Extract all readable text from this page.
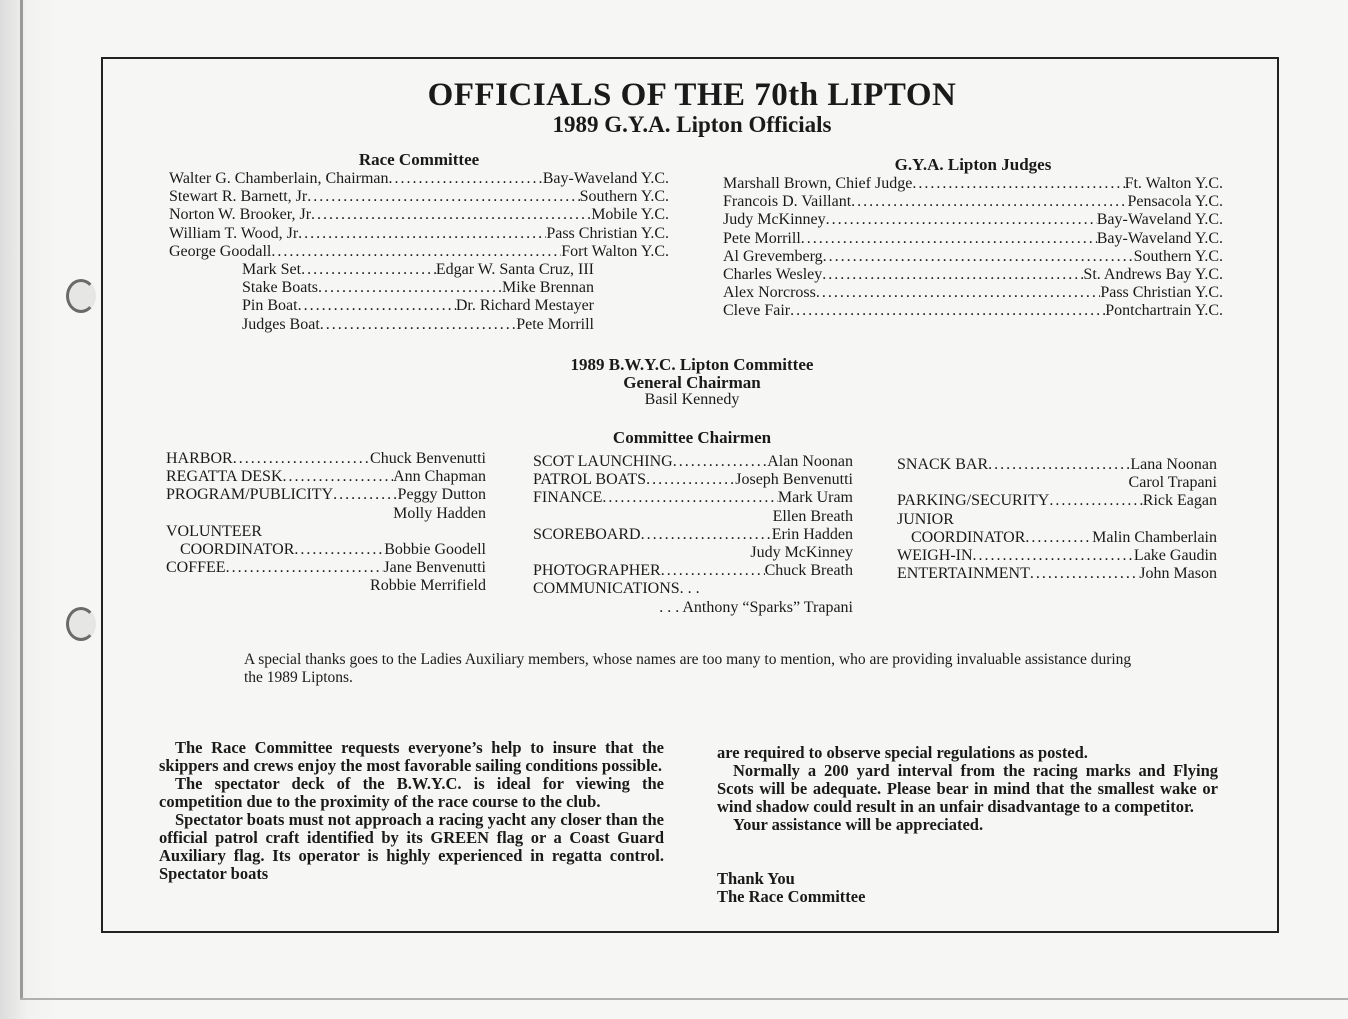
OFFICIALS OF THE 70th LIPTON
1989 G.Y.A. Lipton Officials
Race Committee
Walter G. Chamberlain, Chairman .....	Bay-Waveland Y.C.
Stewart R. Barnett, Jr .....	Southern Y.C.
Norton W. Brooker, Jr .....	Mobile Y.C.
William T. Wood, Jr .....	Pass Christian Y.C.
George Goodall .....	Fort Walton Y.C.
Mark Set .....	Edgar W. Santa Cruz, III
Stake Boats .....	Mike Brennan
Pin Boat .....	Dr. Richard Mestayer
Judges Boat .....	Pete Morrill
G.Y.A. Lipton Judges
Marshall Brown, Chief Judge .....	Ft. Walton Y.C.
Francois D. Vaillant .....	Pensacola Y.C.
Judy McKinney .....	Bay-Waveland Y.C.
Pete Morrill .....	Bay-Waveland Y.C.
Al Grevemberg .....	Southern Y.C.
Charles Wesley .....	St. Andrews Bay Y.C.
Alex Norcross .....	Pass Christian Y.C.
Cleve Fair .....	Pontchartrain Y.C.
1989 B.W.Y.C. Lipton Committee
General Chairman
Basil Kennedy
Committee Chairmen
HARBOR .....	Chuck Benvenutti
REGATTA DESK .....	Ann Chapman
PROGRAM/PUBLICITY .....	Peggy Dutton
Molly Hadden
VOLUNTEER
COORDINATOR .....	Bobbie Goodell
COFFEE .....	Jane Benvenutti
Robbie Merrifield
SCOT LAUNCHING .....	Alan Noonan
PATROL BOATS .....	Joseph Benvenutti
FINANCE .....	Mark Uram
Ellen Breath
SCOREBOARD .....	Erin Hadden
Judy McKinney
PHOTOGRAPHER .....	Chuck Breath
COMMUNICATIONS. . .
. . . Anthony “Sparks” Trapani
SNACK BAR .....	Lana Noonan
Carol Trapani
PARKING/SECURITY .....	Rick Eagan
JUNIOR
COORDINATOR .....	Malin Chamberlain
WEIGH-IN .....	Lake Gaudin
ENTERTAINMENT .....	John Mason
A special thanks goes to the Ladies Auxiliary members, whose names are too many to mention, who are providing invaluable assistance during the 1989 Liptons.

The Race Committee requests everyone’s help to insure that the skippers and crews enjoy the most favorable sailing conditions possible.

The spectator deck of the B.W.Y.C. is ideal for viewing the competition due to the proximity of the race course to the club.

Spectator boats must not approach a racing yacht any closer than the official patrol craft identified by its GREEN flag or a Coast Guard Auxiliary flag. Its operator is highly experienced in regatta control. Spectator boats

are required to observe special regulations as posted.

Normally a 200 yard interval from the racing marks and Flying Scots will be adequate. Please bear in mind that the smallest wake or wind shadow could result in an unfair disadvantage to a competitor.

Your assistance will be appreciated.

Thank You
The Race Committee
